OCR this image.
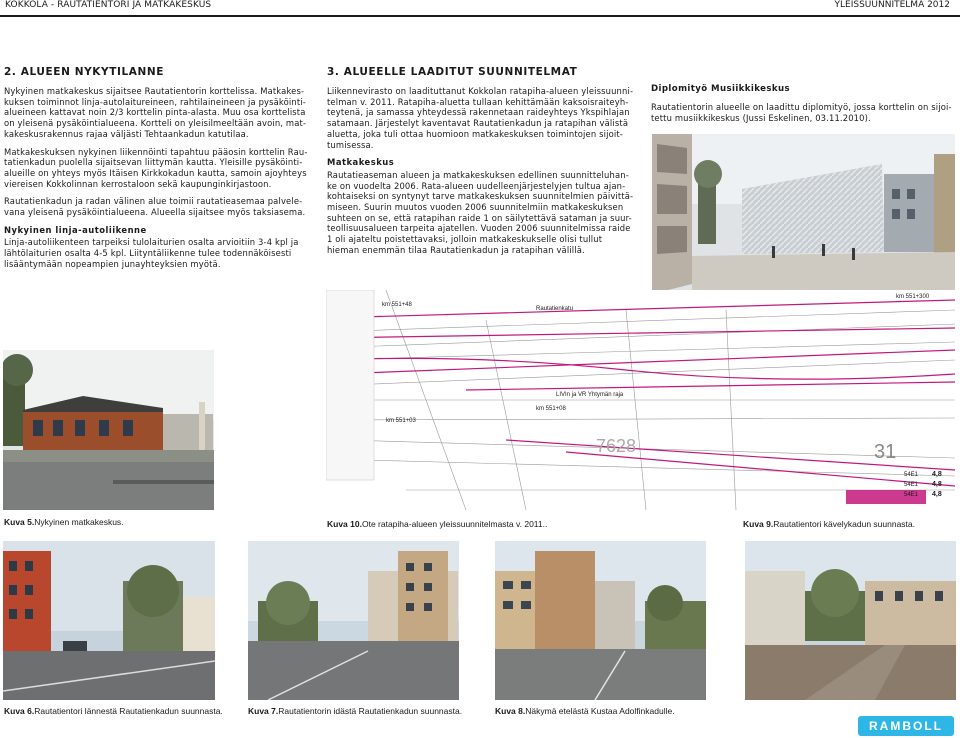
KOKKOLA - RAUTATIENTORI JA MATKAKESKUS	YLEISSUUNNITELMA 2012
2. ALUEEN NYKYTILANNE

Nykyinen matkakeskus sijaitsee Rautatientorin korttelissa. Matkakes-kuksen toiminnot linja-autolaitureineen, rahtilaineineen ja pysäköinti-alueineen kattavat noin 2/3 korttelin pinta-alasta. Muu osa korttelista on yleisenä pysäköintialueena. Kortteli on yleisilmeeltään avoin, mat-kakeskusrakennus rajaa väljästi Tehtaankadun katutilaa.

Matkakeskuksen nykyinen liikennöinti tapahtuu pääosin korttelin Rau-tatienkadun puolella sijaitsevan liittymän kautta. Yleisille pysäköinti-alueille on yhteys myös Itäisen Kirkkokadun kautta, samoin ajoyhteys viereisen Kokkolinnan kerrostaloon sekä kaupunginkirjastoon.

Rautatienkadun ja radan välinen alue toimii rautatieasemaa palvele-vana yleisenä pysäköintialueena. Alueella sijaitsee myös taksiasema.

Nykyinen linja-autoliikenne

Linja-autoliikenteen tarpeiksi tulolaiturien osalta arvioitiin 3-4 kpl ja lähtölaiturien osalta 4-5 kpl. Liityntäliikenne tulee todennäköisesti lisääntymään nopeampien junayhteyksien myötä.

3. ALUEELLE LAADITUT SUUNNITELMAT

Liikennevirasto on laadituttanut Kokkolan ratapiha-alueen yleissuunni-telman v. 2011. Ratapiha-aluetta tullaan kehittämään kaksoisraiteyh-teytenä, ja samassa yhteydessä rakennetaan raideyhteys Ykspihlajan satamaan. Järjestelyt kaventavat Rautatienkadun ja ratapihan välistä aluetta, joka tuli ottaa huomioon matkakeskuksen toimintojen sijoit-tumisessa.

Matkakeskus

Rautatieaseman alueen ja matkakeskuksen edellinen suunnitteluhan-ke on vuodelta 2006. Rata-alueen uudelleenjärjestelyjen tultua ajan-kohtaiseksi on syntynyt tarve matkakeskuksen suunnitelmien päivittä-miseen. Suurin muutos vuoden 2006 suunnitelmiin matkakeskuksen suhteen on se, että ratapihan raide 1 on säilytettävä sataman ja suur-teollisuusalueen tarpeita ajatellen. Vuoden 2006 suunnitelmissa raide 1 oli ajateltu poistettavaksi, jolloin matkakeskukselle olisi tullut hieman enemmän tilaa Rautatienkadun ja ratapihan välillä.

Diplomityö Musiikkikeskus
Rautatientorin alueelle on laadittu diplomityö, jossa korttelin on sijoi-tettu musiikkikeskus (Jussi Eskelinen, 03.11.2010).
km 551+48
km 551+03
km 551+08
km 551+300
Rautatienkatu
LIVIn ja VR Yhtymän raja
54E1
54E1
54E1
4,8
4,8
4,8
31
7628
Kuva 5.Nykyinen matkakeskus.	Kuva 10.Ote ratapiha-alueen yleissuunnitelmasta v. 2011..	Kuva 9.Rautatientori kävelykadun suunnasta.
Kuva 6.Rautatientori lännestä Rautatienkadun suunnasta.	Kuva 7.Rautatientorin idästä Rautatienkadun suunnasta.	Kuva 8.Näkymä etelästä Kustaa Adolfinkadulle.
RAMBOLL
